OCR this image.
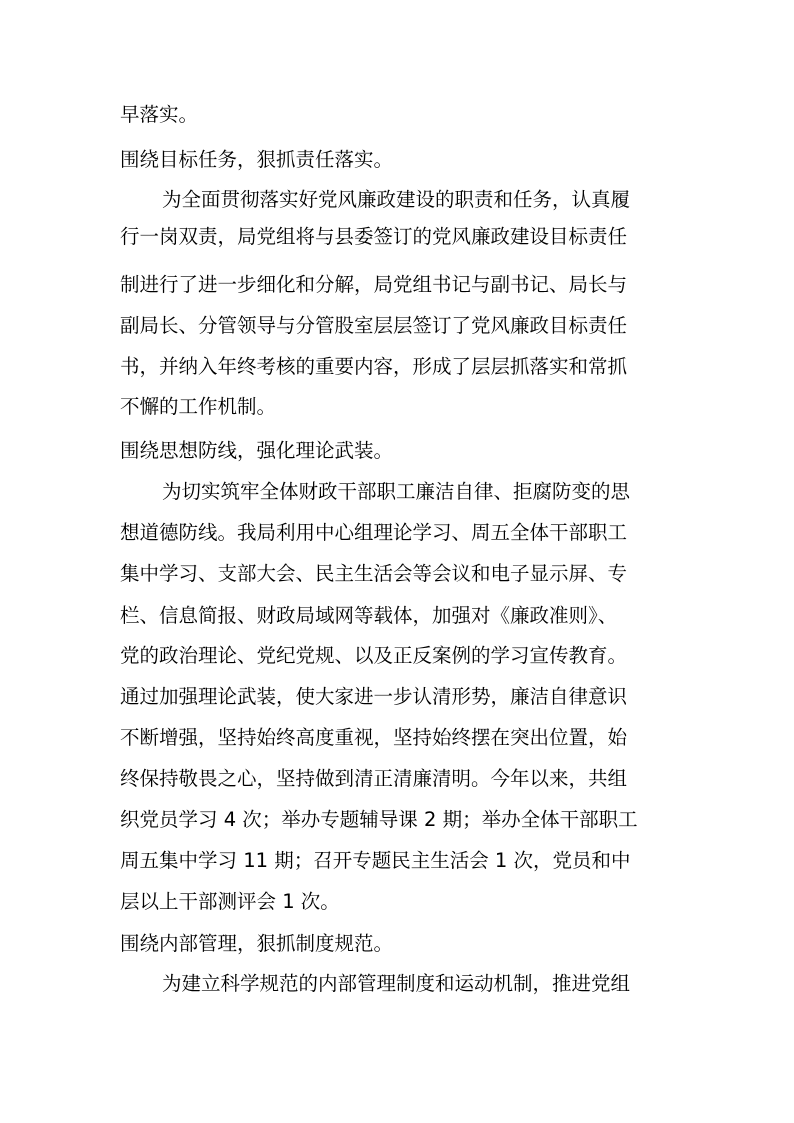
早落实。

围绕目标任务，狠抓责任落实。

为全面贯彻落实好党风廉政建设的职责和任务，认真履

行一岗双责，局党组将与县委签订的党风廉政建设目标责任

制进行了进一步细化和分解，局党组书记与副书记、局长与

副局长、分管领导与分管股室层层签订了党风廉政目标责任

书，并纳入年终考核的重要内容，形成了层层抓落实和常抓

不懈的工作机制。

围绕思想防线，强化理论武装。

为切实筑牢全体财政干部职工廉洁自律、拒腐防变的思

想道德防线。我局利用中心组理论学习、周五全体干部职工

集中学习、支部大会、民主生活会等会议和电子显示屏、专

栏、信息简报、财政局域网等载体，加强对《廉政准则》、

党的政治理论、党纪党规、以及正反案例的学习宣传教育。

通过加强理论武装，使大家进一步认清形势，廉洁自律意识

不断增强，坚持始终高度重视，坚持始终摆在突出位置，始

终保持敬畏之心，坚持做到清正清廉清明。今年以来，共组

织党员学习 4 次；举办专题辅导课 2 期；举办全体干部职工

周五集中学习 11 期；召开专题民主生活会 1 次，党员和中

层以上干部测评会 1 次。

围绕内部管理，狠抓制度规范。

为建立科学规范的内部管理制度和运动机制，推进党组
